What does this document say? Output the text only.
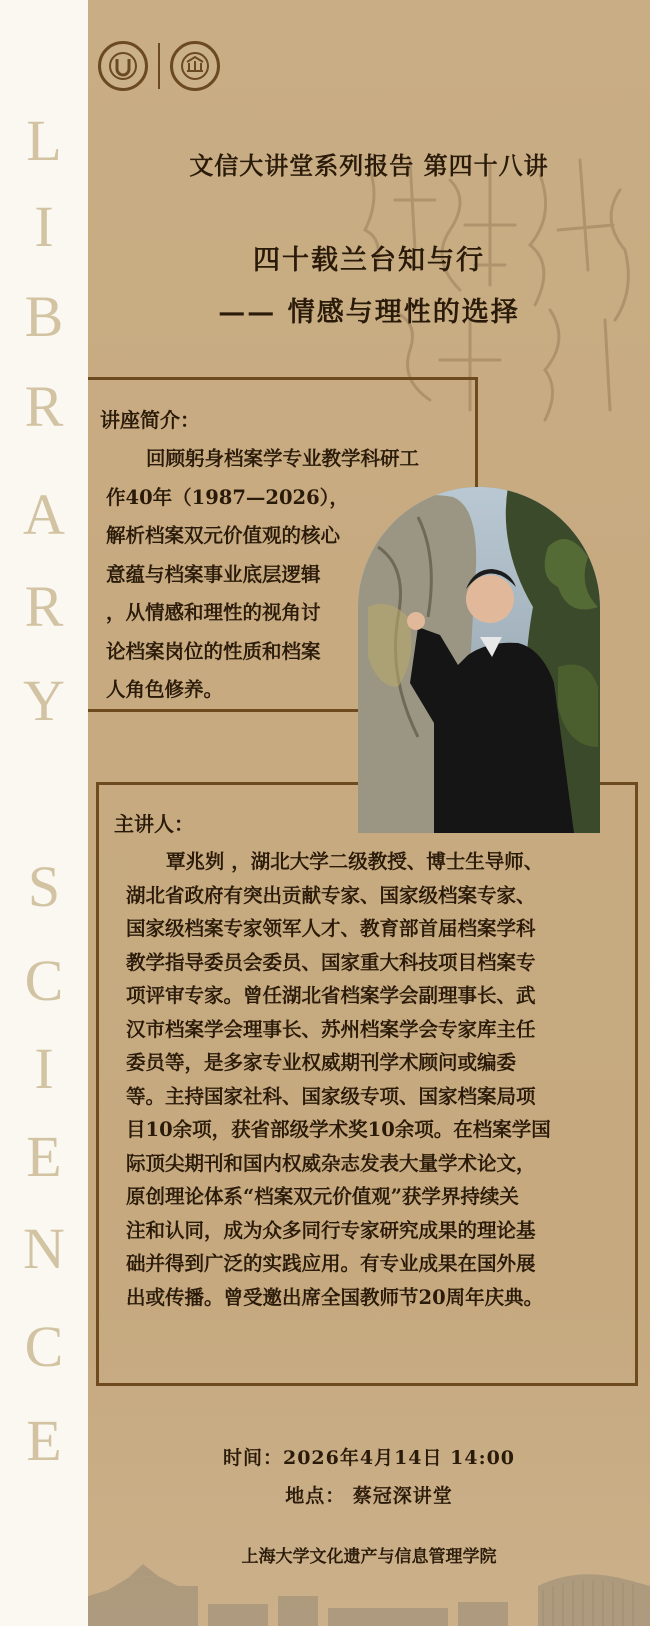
L
I
B
R
A
R
Y
S
C
I
E
N
C
E
文信大讲堂系列报告 第四十八讲
四十载兰台知与行
—— 情感与理性的选择
讲座简介：
回顾躬身档案学专业教学科研工
作40年（1987—2026），
解析档案双元价值观的核心
意蕴与档案事业底层逻辑
，从情感和理性的视角讨
论档案岗位的性质和档案
人角色修养。
主讲人：
覃兆刿 ，湖北大学二级教授、博士生导师、
湖北省政府有突出贡献专家、国家级档案专家、
国家级档案专家领军人才、教育部首届档案学科
教学指导委员会委员、国家重大科技项目档案专
项评审专家。曾任湖北省档案学会副理事长、武
汉市档案学会理事长、苏州档案学会专家库主任
委员等，是多家专业权威期刊学术顾问或编委
等。主持国家社科、国家级专项、国家档案局项
目10余项，获省部级学术奖10余项。在档案学国
际顶尖期刊和国内权威杂志发表大量学术论文，
原创理论体系“档案双元价值观”获学界持续关
注和认同，成为众多同行专家研究成果的理论基
础并得到广泛的实践应用。有专业成果在国外展
出或传播。曾受邀出席全国教师节20周年庆典。
时间：2026年4月14日 14:00
地点： 蔡冠深讲堂
上海大学文化遗产与信息管理学院
